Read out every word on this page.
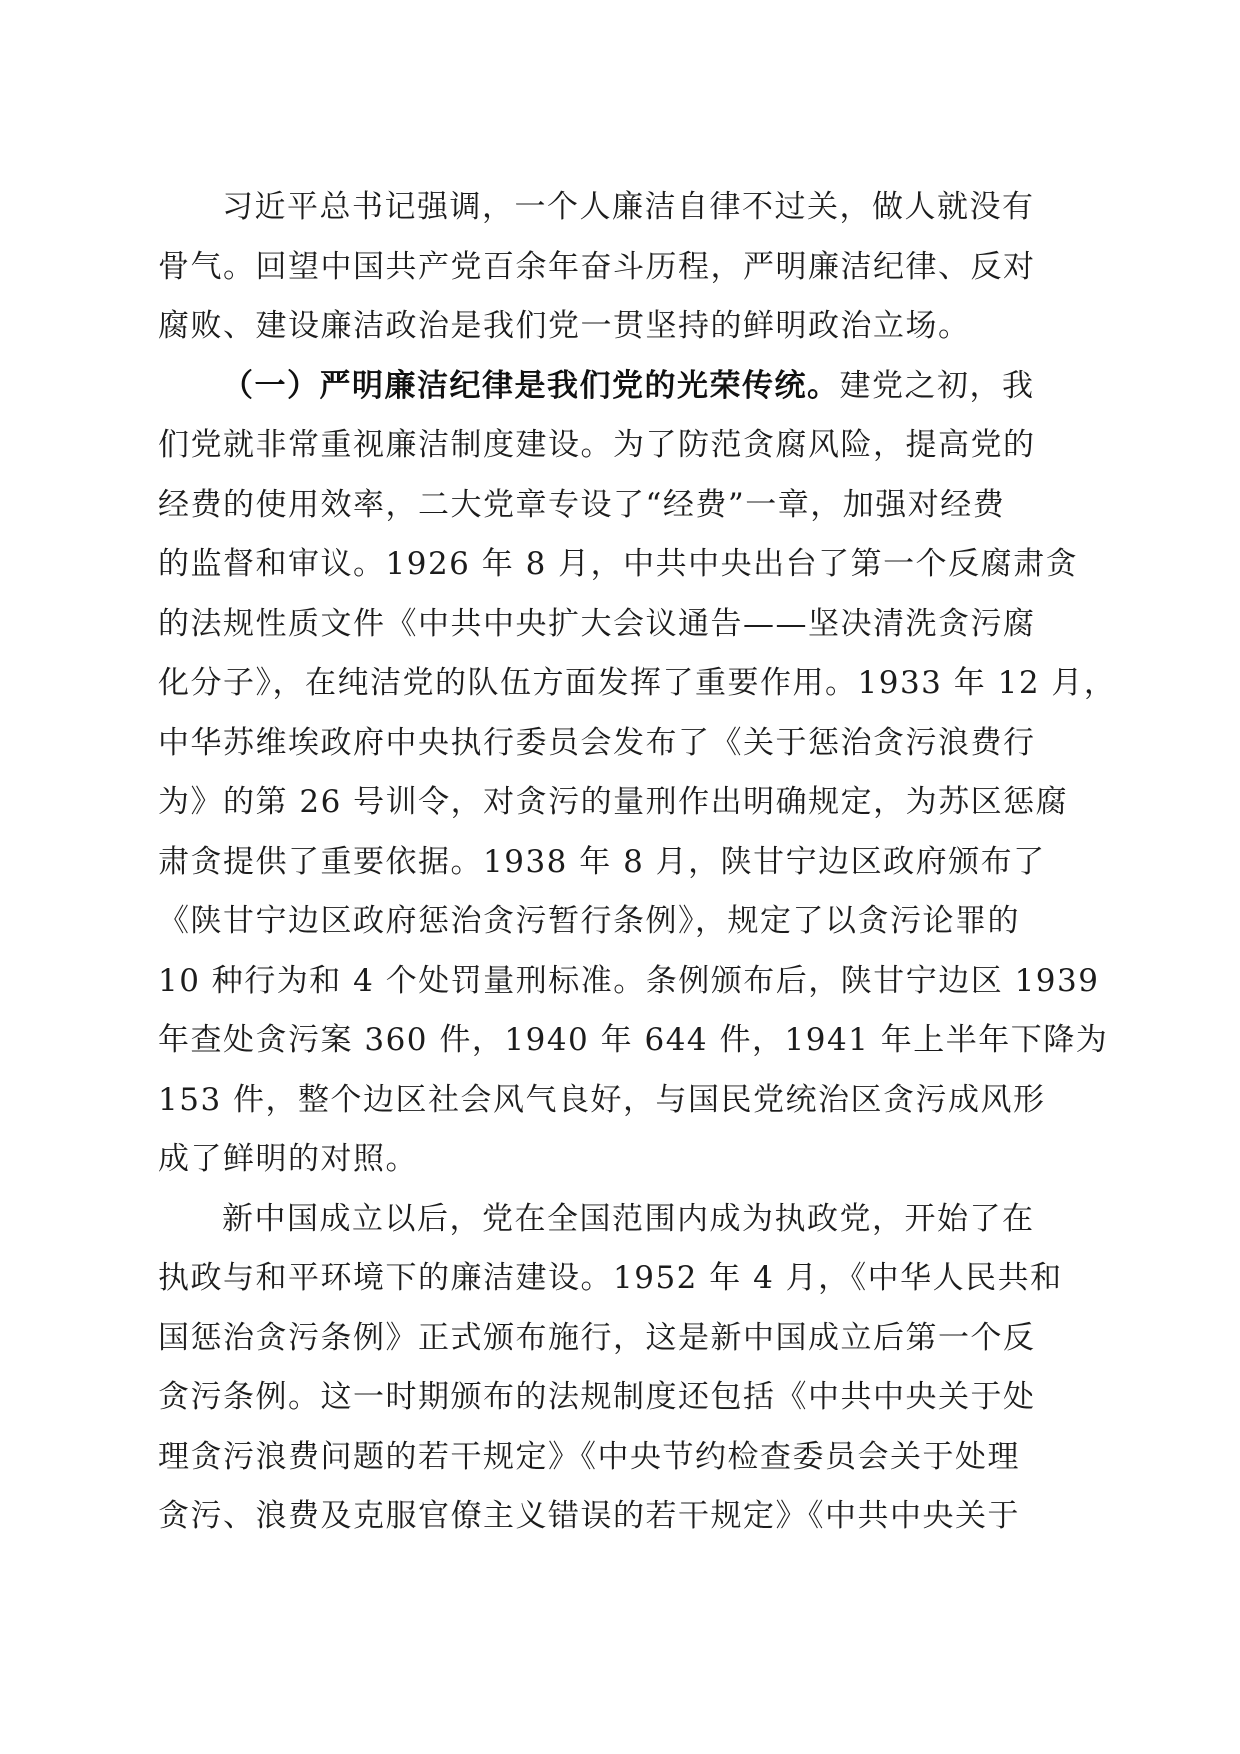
习近平总书记强调，一个人廉洁自律不过关，做人就没有
骨气。回望中国共产党百余年奋斗历程，严明廉洁纪律、反对
腐败、建设廉洁政治是我们党一贯坚持的鲜明政治立场。
（一）严明廉洁纪律是我们党的光荣传统。建党之初，我
们党就非常重视廉洁制度建设。为了防范贪腐风险，提高党的
经费的使用效率，二大党章专设了“经费”一章，加强对经费
的监督和审议。1926 年 8 月，中共中央出台了第一个反腐肃贪
的法规性质文件《中共中央扩大会议通告——坚决清洗贪污腐
化分子》，在纯洁党的队伍方面发挥了重要作用。1933 年 12 月，
中华苏维埃政府中央执行委员会发布了《关于惩治贪污浪费行
为》的第 26 号训令，对贪污的量刑作出明确规定，为苏区惩腐
肃贪提供了重要依据。1938 年 8 月，陕甘宁边区政府颁布了
《陕甘宁边区政府惩治贪污暂行条例》，规定了以贪污论罪的
10 种行为和 4 个处罚量刑标准。条例颁布后，陕甘宁边区 1939
年查处贪污案 360 件，1940 年 644 件，1941 年上半年下降为
153 件，整个边区社会风气良好，与国民党统治区贪污成风形
成了鲜明的对照。
新中国成立以后，党在全国范围内成为执政党，开始了在
执政与和平环境下的廉洁建设。1952 年 4 月，《中华人民共和
国惩治贪污条例》正式颁布施行，这是新中国成立后第一个反
贪污条例。这一时期颁布的法规制度还包括《中共中央关于处
理贪污浪费问题的若干规定》《中央节约检查委员会关于处理
贪污、浪费及克服官僚主义错误的若干规定》《中共中央关于
